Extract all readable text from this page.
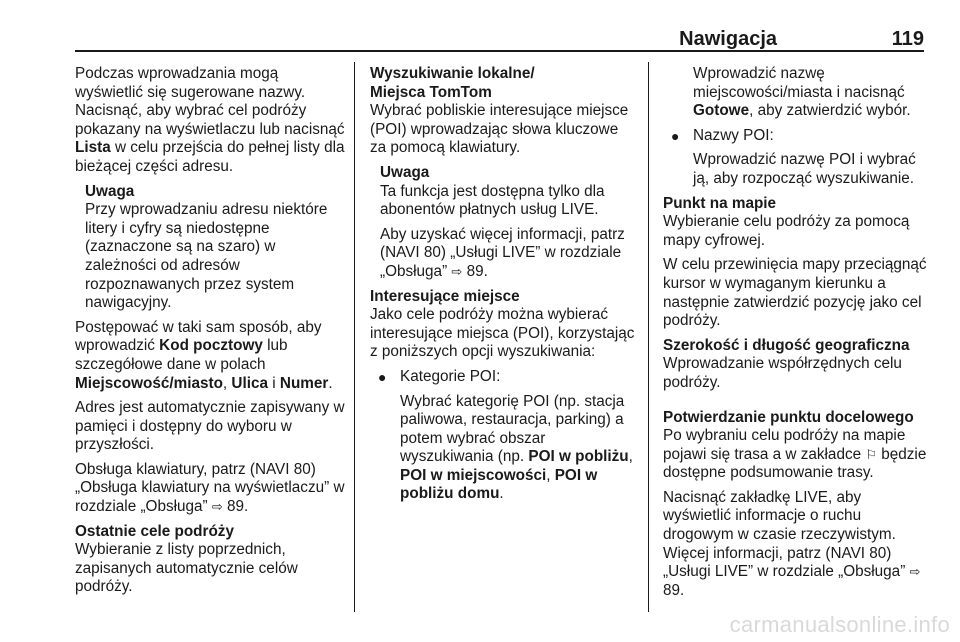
Nawigacja	119

Podczas wprowadzania mogą wyświetlić się sugerowane nazwy. Nacisnąć, aby wybrać cel podróży pokazany na wyświetlaczu lub nacisnąć Lista w celu przejścia do pełnej listy dla bieżącej części adresu.

Uwaga

Przy wprowadzaniu adresu niektóre litery i cyfry są niedostępne (zaznaczone są na szaro) w zależności od adresów rozpoznawanych przez system nawigacyjny.

Postępować w taki sam sposób, aby wprowadzić Kod pocztowy lub szczegółowe dane w polach Miejscowość/miasto, Ulica i Numer.

Adres jest automatycznie zapisywany w pamięci i dostępny do wyboru w przyszłości.

Obsługa klawiatury, patrz (NAVI 80) „Obsługa klawiatury na wyświetlaczu” w rozdziale „Obsługa” ⇨ 89.

Ostatnie cele podróży

Wybieranie z listy poprzednich, zapisanych automatycznie celów podróży.

Wyszukiwanie lokalne/
Miejsca TomTom

Wybrać pobliskie interesujące miejsce (POI) wprowadzając słowa kluczowe za pomocą klawiatury.

Uwaga

Ta funkcja jest dostępna tylko dla abonentów płatnych usług LIVE.

Aby uzyskać więcej informacji, patrz (NAVI 80) „Usługi LIVE” w rozdziale „Obsługa” ⇨ 89.

Interesujące miejsce

Jako cele podróży można wybierać interesujące miejsca (POI), korzystając z poniższych opcji wyszukiwania:

● Kategorie POI:

Wybrać kategorię POI (np. stacja paliwowa, restauracja, parking) a potem wybrać obszar wyszukiwania (np. POI w pobliżu, POI w miejscowości, POI w pobliżu domu.

Wprowadzić nazwę miejscowości/miasta i nacisnąć Gotowe, aby zatwierdzić wybór.

● Nazwy POI:

Wprowadzić nazwę POI i wybrać ją, aby rozpocząć wyszukiwanie.

Punkt na mapie

Wybieranie celu podróży za pomocą mapy cyfrowej.

W celu przewinięcia mapy przeciągnąć kursor w wymaganym kierunku a następnie zatwierdzić pozycję jako cel podróży.

Szerokość i długość geograficzna

Wprowadzanie współrzędnych celu podróży.

Potwierdzanie punktu docelowego

Po wybraniu celu podróży na mapie pojawi się trasa a w zakładce ⚐ będzie dostępne podsumowanie trasy.

Nacisnąć zakładkę LIVE, aby wyświetlić informacje o ruchu drogowym w czasie rzeczywistym. Więcej informacji, patrz (NAVI 80) „Usługi LIVE” w rozdziale „Obsługa” ⇨ 89.

carmanualsonline.info
